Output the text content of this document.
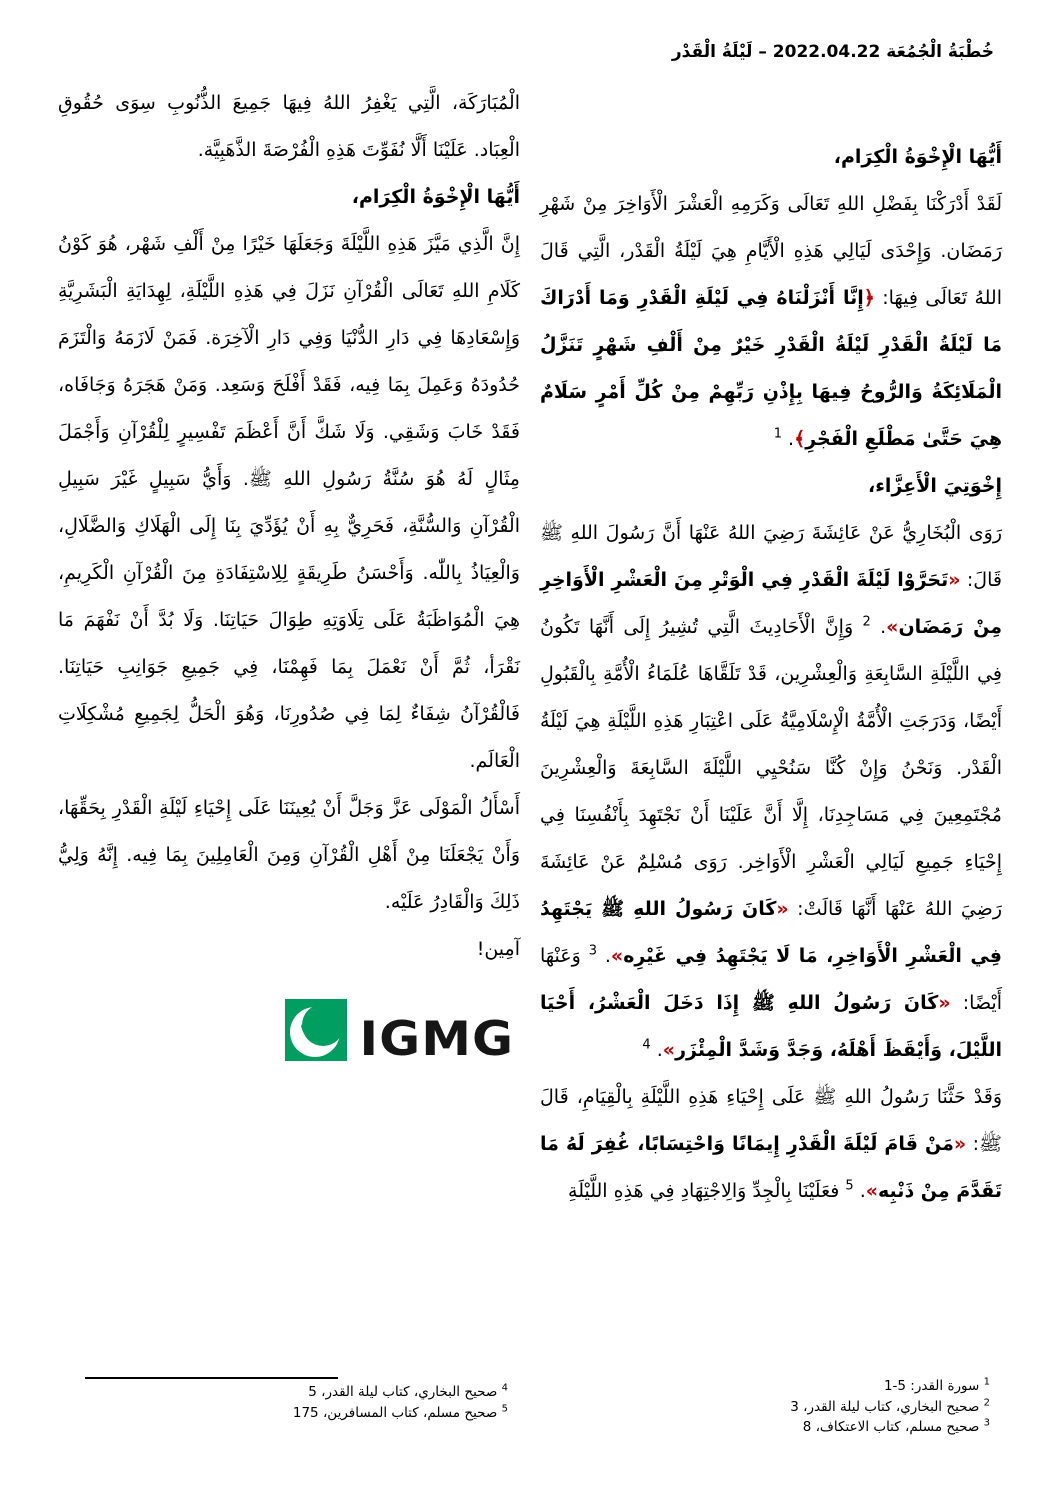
خُطْبَةُ الْجُمُعَة 2022.04.22 – لَيْلَةُ الْقَدْر

أَيُّهَا الْإِخْوَةُ الْكِرَام،

لَقَدْ أَدْرَكْنَا بِفَضْلِ اللهِ تَعَالَى وَكَرَمِهِ الْعَشْرَ الْأَوَاخِرَ مِنْ شَهْرِ رَمَضَان. وَإِحْدَى لَيَالِي هَذِهِ الْأَيَّامِ هِيَ لَيْلَةُ الْقَدْر، الَّتِي قَالَ اللهُ تَعَالَى فِيهَا: ﴿إِنَّا أَنْزَلْنَاهُ فِي لَيْلَةِ الْقَدْرِ وَمَا أَدْرَاكَ مَا لَيْلَةُ الْقَدْرِ لَيْلَةُ الْقَدْرِ خَيْرٌ مِنْ أَلْفِ شَهْرٍ تَنَزَّلُ الْمَلَائِكَةُ وَالرُّوحُ فِيهَا بِإِذْنِ رَبِّهِمْ مِنْ كُلِّ أَمْرٍ سَلَامٌ هِيَ حَتَّىٰ مَطْلَعِ الْفَجْرِ﴾. $^1$

إِخْوَتِيَ الْأَعِزَّاء،

رَوَى الْبُخَارِيُّ عَنْ عَائِشَةَ رَضِيَ اللهُ عَنْهَا أَنَّ رَسُولَ اللهِ ﷺ قَالَ: «تَحَرَّوْا لَيْلَةَ الْقَدْرِ فِي الْوَتْرِ مِنَ الْعَشْرِ الْأَوَاخِرِ مِنْ رَمَضَان». $^2$ وَإِنَّ الْأَحَادِيثَ الَّتِي تُشِيرُ إِلَى أَنَّهَا تَكُونُ فِي اللَّيْلَةِ السَّابِعَةِ وَالْعِشْرِين، قَدْ تَلَقَّاهَا عُلَمَاءُ الْأُمَّةِ بِالْقَبُولِ أَيْضًا، وَدَرَجَتِ الْأُمَّةُ الْإِسْلَامِيَّةُ عَلَى اعْتِبَارِ هَذِهِ اللَّيْلَةِ هِيَ لَيْلَةُ الْقَدْر. وَنَحْنُ وَإِنْ كُنَّا سَنُحْيِي اللَّيْلَةَ السَّابِعَةَ وَالْعِشْرِينَ مُجْتَمِعِينَ فِي مَسَاجِدِنَا، إِلَّا أَنَّ عَلَيْنَا أَنْ نَجْتَهِدَ بِأَنْفُسِنَا فِي إِحْيَاءِ جَمِيعِ لَيَالِي الْعَشْرِ الْأَوَاخِر. رَوَى مُسْلِمٌ عَنْ عَائِشَةَ رَضِيَ اللهُ عَنْهَا أَنَّهَا قَالَتْ: «كَانَ رَسُولُ اللهِ ﷺ يَجْتَهِدُ فِي الْعَشْرِ الْأَوَاخِرِ، مَا لَا يَجْتَهِدُ فِي غَيْرِه». $^3$ وَعَنْهَا أَيْضًا: «كَانَ رَسُولُ اللهِ ﷺ إِذَا دَخَلَ الْعَشْرُ، أَحْيَا اللَّيْلَ، وَأَيْقَظَ أَهْلَهُ، وَجَدَّ وَشَدَّ الْمِئْزَر». $^4$

وَقَدْ حَثَّنَا رَسُولُ اللهِ ﷺ عَلَى إِحْيَاءِ هَذِهِ اللَّيْلَةِ بِالْقِيَامِ، قَالَ ﷺ: «مَنْ قَامَ لَيْلَةَ الْقَدْرِ إِيمَانًا وَاحْتِسَابًا، غُفِرَ لَهُ مَا تَقَدَّمَ مِنْ ذَنْبِه». $^5$ فعَلَيْنَا بِالْجِدِّ وَالِاجْتِهَادِ فِي هَذِهِ اللَّيْلَةِ

الْمُبَارَكَة، الَّتِي يَغْفِرُ اللهُ فِيهَا جَمِيعَ الذُّنُوبِ سِوَى حُقُوقِ الْعِبَاد. عَلَيْنَا أَلَّا نُفَوِّتَ هَذِهِ الْفُرْصَةَ الذَّهَبِيَّة.

أَيُّهَا الْإِخْوَةُ الْكِرَام،

إِنَّ الَّذِي مَيَّزَ هَذِهِ اللَّيْلَةَ وَجَعَلَهَا خَيْرًا مِنْ أَلْفِ شَهْر، هُوَ كَوْنُ كَلَامِ اللهِ تَعَالَى الْقُرْآنِ نَزَلَ فِي هَذِهِ اللَّيْلَةِ، لِهِدَايَةِ الْبَشَرِيَّةِ وَإِسْعَادِهَا فِي دَارِ الدُّنْيَا وَفِي دَارِ الْآخِرَة. فَمَنْ لَازَمَهُ وَالْتَزَمَ حُدُودَهُ وَعَمِلَ بِمَا فِيه، فَقَدْ أَفْلَحَ وَسَعِد. وَمَنْ هَجَرَهُ وَجَافَاه، فَقَدْ خَابَ وَشَقِي. وَلَا شَكَّ أَنَّ أَعْظَمَ تَفْسِيرٍ لِلْقُرْآنِ وَأَجْمَلَ مِثَالٍ لَهُ هُوَ سُنَّةُ رَسُولِ اللهِ ﷺ. وَأَيُّ سَبِيلٍ غَيْرَ سَبِيلِ الْقُرْآنِ وَالسُّنَّةِ، فَحَرِيٌّ بِهِ أَنْ يُؤَدِّيَ بِنَا إِلَى الْهَلَاكِ وَالضَّلَالِ، وَالْعِيَاذُ بِاللّٰه. وَأَحْسَنُ طَرِيقَةٍ لِلِاسْتِفَادَةِ مِنَ الْقُرْآنِ الْكَرِيمِ، هِيَ الْمُوَاظَبَةُ عَلَى تِلَاوَتِهِ طِوَالَ حَيَاتِنَا. وَلَا بُدَّ أَنْ نَفْهَمَ مَا نَقْرَأ، ثُمَّ أَنْ نَعْمَلَ بِمَا فَهِمْنَا، فِي جَمِيعِ جَوَانِبِ حَيَاتِنَا. فَالْقُرْآنُ شِفَاءٌ لِمَا فِي صُدُورِنَا، وَهُوَ الْحَلُّ لِجَمِيعِ مُشْكِلَاتِ الْعَالَم.

أَسْأَلُ الْمَوْلَى عَزَّ وَجَلَّ أَنْ يُعِينَنَا عَلَى إِحْيَاءِ لَيْلَةِ الْقَدْرِ بِحَقِّهَا، وَأَنْ يَجْعَلَنَا مِنْ أَهْلِ الْقُرْآنِ وَمِنَ الْعَامِلِينَ بِمَا فِيه. إِنَّهُ وَلِيُّ ذَلِكَ وَالْقَادِرُ عَلَيْه.

آمِين!

IGMG
$^4$ صحيح البخاري، كتاب ليلة القدر، 5
$^5$ صحيح مسلم، كتاب المسافرين، 175
$^1$ سورة القدر: 5-1
$^2$ صحيح البخاري، كتاب ليلة القدر، 3
$^3$ صحيح مسلم، كتاب الاعتكاف، 8
